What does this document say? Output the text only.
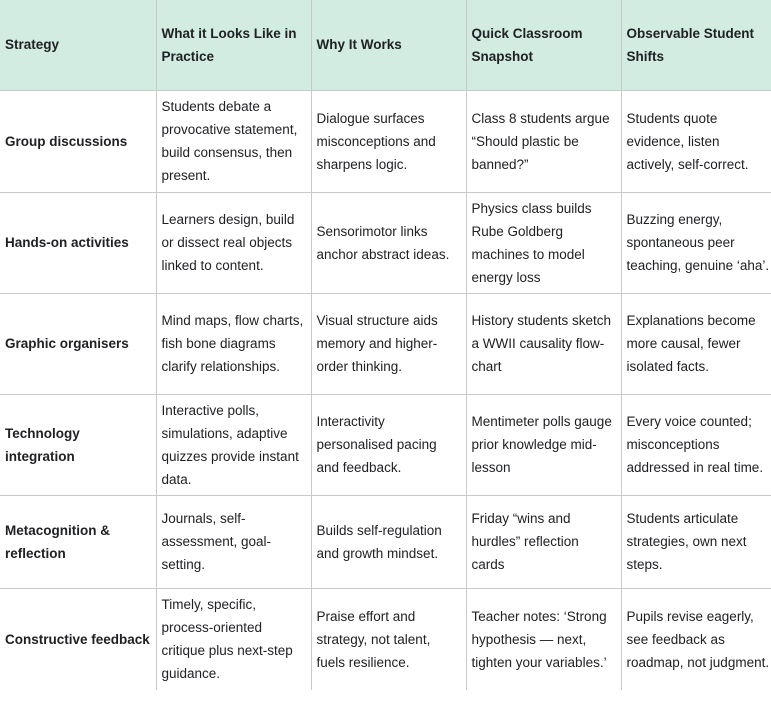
Strategy	What it Looks Like in Practice	Why It Works	Quick Classroom Snapshot	Observable Student Shifts
Group discussions	Students debate a provocative statement, build consensus, then present.	Dialogue surfaces misconceptions and sharpens logic.	Class 8 students argue “Should plastic be banned?”	Students quote evidence, listen actively, self-correct.
Hands-on activities	Learners design, build or dissect real objects linked to content.	Sensorimotor links anchor abstract ideas.	Physics class builds Rube Goldberg machines to model energy loss	Buzzing energy, spontaneous peer teaching, genuine ‘aha’.
Graphic organisers	Mind maps, flow charts, fish bone diagrams clarify relationships.	Visual structure aids memory and higher-order thinking.	History students sketch a WWII causality flow-chart	Explanations become more causal, fewer isolated facts.
Technology integration	Interactive polls, simulations, adaptive quizzes provide instant data.	Interactivity personalised pacing and feedback.	Mentimeter polls gauge prior knowledge mid-lesson	Every voice counted; misconceptions addressed in real time.
Metacognition & reflection	Journals, self-assessment, goal-setting.	Builds self-regulation and growth mindset.	Friday “wins and hurdles” reflection cards	Students articulate strategies, own next steps.
Constructive feedback	Timely, specific, process-oriented critique plus next-step guidance.	Praise effort and strategy, not talent, fuels resilience.	Teacher notes: ‘Strong hypothesis — next, tighten your variables.’	Pupils revise eagerly, see feedback as roadmap, not judgment.
